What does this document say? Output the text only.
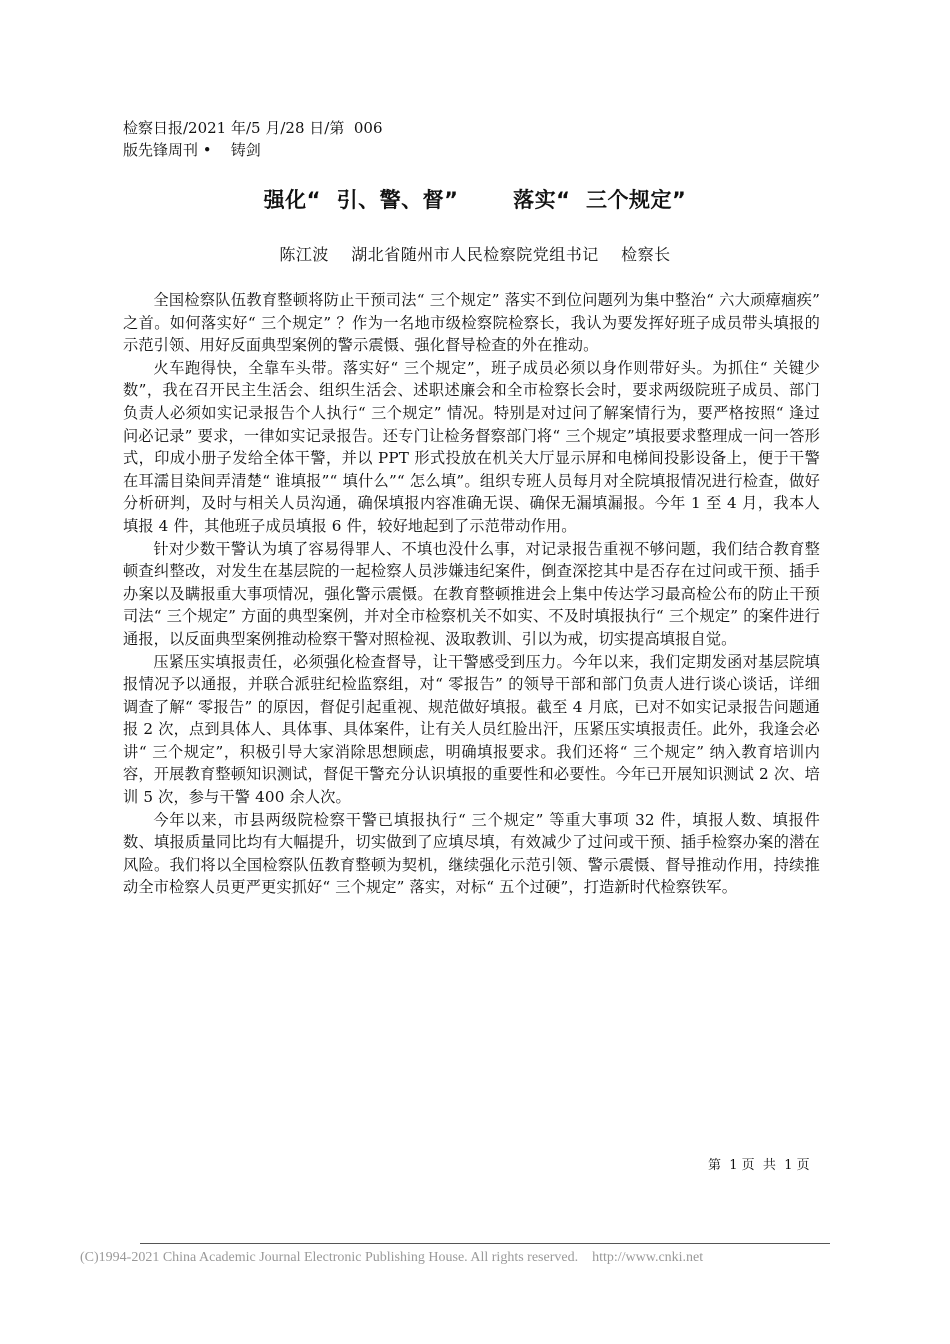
检察日报/2021 年/5 月/28 日/第  006
版先锋周刊 •    铸剑
强化“  引、警、督”       落实“  三个规定”
陈江波    湖北省随州市人民检察院党组书记    检察长

全国检察队伍教育整顿将防止干预司法“ 三个规定” 落实不到位问题列为集中整治“ 六大顽瘴痼疾” 之首。如何落实好“ 三个规定” ？作为一名地市级检察院检察长，我认为要发挥好班子成员带头填报的示范引领、用好反面典型案例的警示震慑、强化督导检查的外在推动。

火车跑得快，全靠车头带。落实好“ 三个规定”，班子成员必须以身作则带好头。为抓住“ 关键少数”，我在召开民主生活会、组织生活会、述职述廉会和全市检察长会时，要求两级院班子成员、部门负责人必须如实记录报告个人执行“ 三个规定” 情况。特别是对过问了解案情行为，要严格按照“ 逢过问必记录” 要求，一律如实记录报告。还专门让检务督察部门将“ 三个规定”填报要求整理成一问一答形式，印成小册子发给全体干警，并以 PPT 形式投放在机关大厅显示屏和电梯间投影设备上，便于干警在耳濡目染间弄清楚“ 谁填报”“ 填什么”“ 怎么填”。组织专班人员每月对全院填报情况进行检查，做好分析研判，及时与相关人员沟通，确保填报内容准确无误、确保无漏填漏报。今年 1 至 4 月，我本人填报 4 件，其他班子成员填报 6 件，较好地起到了示范带动作用。

针对少数干警认为填了容易得罪人、不填也没什么事，对记录报告重视不够问题，我们结合教育整顿查纠整改，对发生在基层院的一起检察人员涉嫌违纪案件，倒查深挖其中是否存在过问或干预、插手办案以及瞒报重大事项情况，强化警示震慑。在教育整顿推进会上集中传达学习最高检公布的防止干预司法“ 三个规定” 方面的典型案例，并对全市检察机关不如实、不及时填报执行“ 三个规定” 的案件进行通报，以反面典型案例推动检察干警对照检视、汲取教训、引以为戒，切实提高填报自觉。

压紧压实填报责任，必须强化检查督导，让干警感受到压力。今年以来，我们定期发函对基层院填报情况予以通报，并联合派驻纪检监察组，对“ 零报告” 的领导干部和部门负责人进行谈心谈话，详细调查了解“ 零报告” 的原因，督促引起重视、规范做好填报。截至 4 月底，已对不如实记录报告问题通报 2 次，点到具体人、具体事、具体案件，让有关人员红脸出汗，压紧压实填报责任。此外，我逢会必讲“ 三个规定”，积极引导大家消除思想顾虑，明确填报要求。我们还将“ 三个规定” 纳入教育培训内容，开展教育整顿知识测试，督促干警充分认识填报的重要性和必要性。今年已开展知识测试 2 次、培训 5 次，参与干警 400 余人次。

今年以来，市县两级院检察干警已填报执行“ 三个规定” 等重大事项 32 件，填报人数、填报件数、填报质量同比均有大幅提升，切实做到了应填尽填，有效减少了过问或干预、插手检察办案的潜在风险。我们将以全国检察队伍教育整顿为契机，继续强化示范引领、警示震慑、督导推动作用，持续推动全市检察人员更严更实抓好“ 三个规定” 落实，对标“ 五个过硬”，打造新时代检察铁军。

第  1 页  共  1 页
(C)1994-2021 China Academic Journal Electronic Publishing House. All rights reserved.    http://www.cnki.net
